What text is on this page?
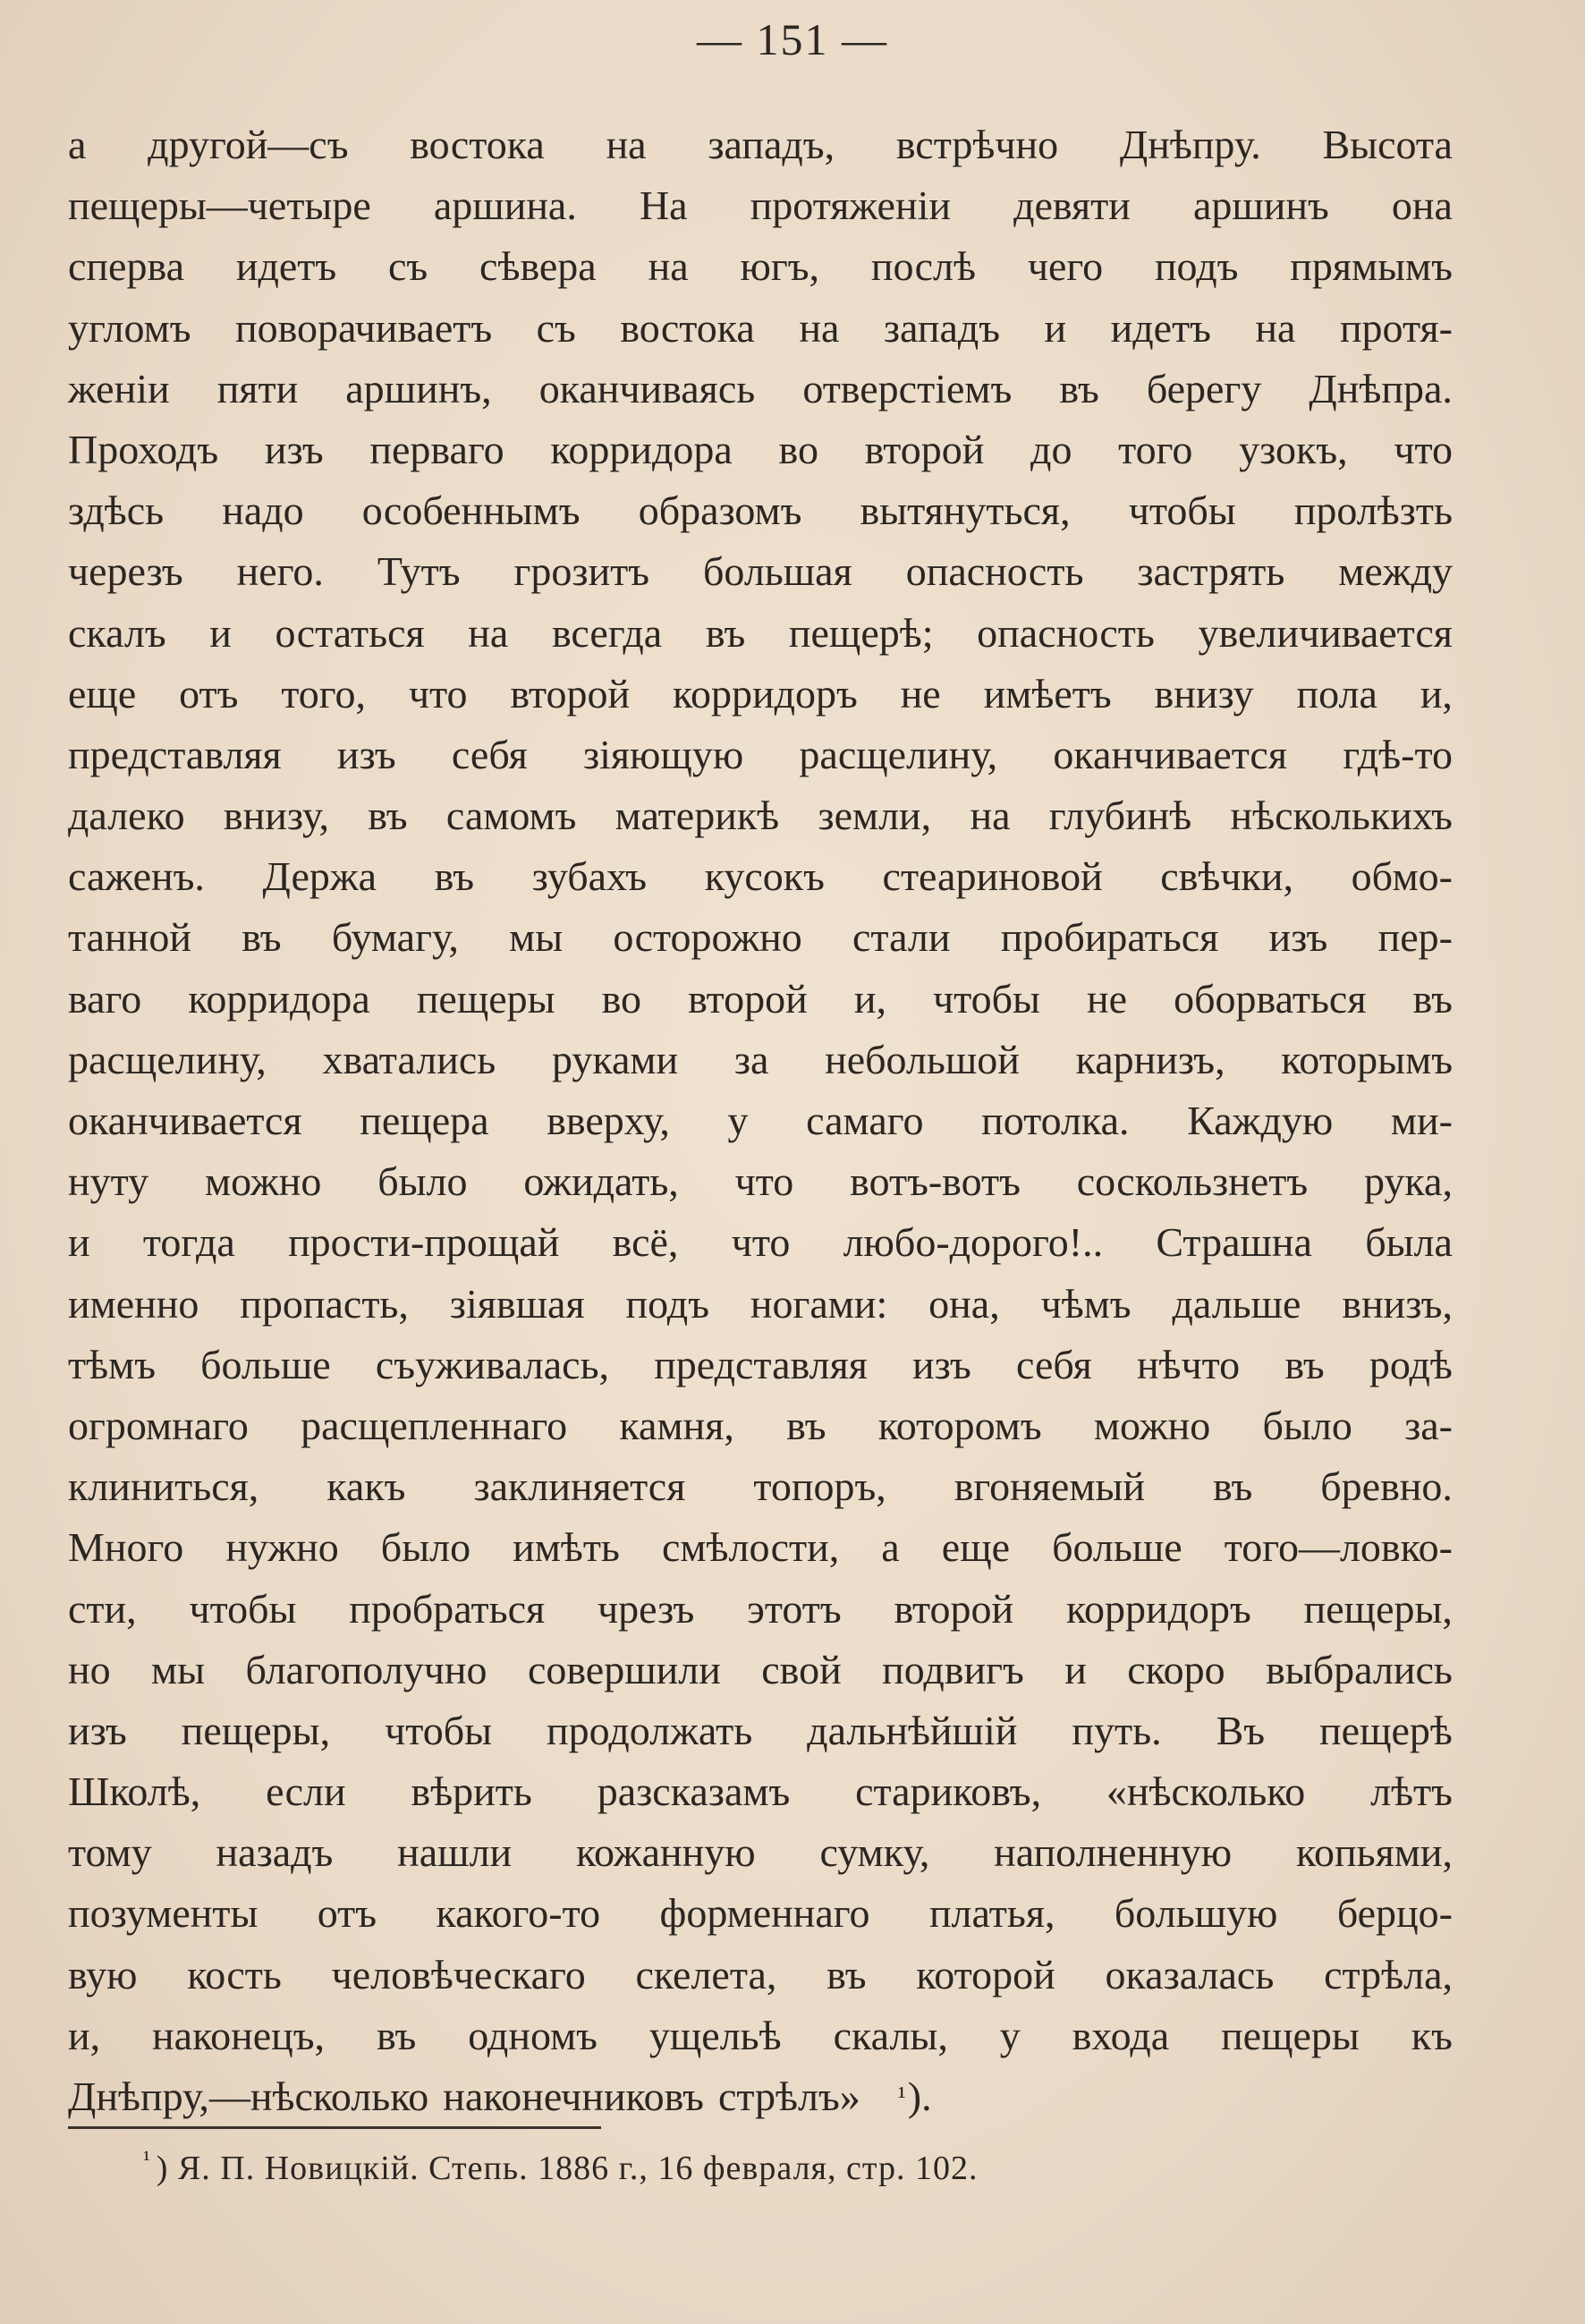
— 151 —
а другой—съ востока на западъ, встрѣчно Днѣпру. Высота
пещеры—четыре аршина. На протяженіи девяти аршинъ она
сперва идетъ съ сѣвера на югъ, послѣ чего подъ прямымъ
угломъ поворачиваетъ съ востока на западъ и идетъ на протя-
женіи пяти аршинъ, оканчиваясь отверстіемъ въ берегу Днѣпра.
Проходъ изъ перваго корридора во второй до того узокъ, что
здѣсь надо особеннымъ образомъ вытянуться, чтобы пролѣзть
черезъ него. Тутъ грозитъ большая опасность застрять между
скалъ и остаться на всегда въ пещерѣ; опасность увеличивается
еще отъ того, что второй корридоръ не имѣетъ внизу пола и,
представляя изъ себя зіяющую расщелину, оканчивается гдѣ-то
далеко внизу, въ самомъ материкѣ земли, на глубинѣ нѣсколькихъ
саженъ. Держа въ зубахъ кусокъ стеариновой свѣчки, обмо-
танной въ бумагу, мы осторожно стали пробираться изъ пер-
ваго корридора пещеры во второй и, чтобы не оборваться въ
расщелину, хватались руками за небольшой карнизъ, которымъ
оканчивается пещера вверху, у самаго потолка. Каждую ми-
нуту можно было ожидать, что вотъ-вотъ соскользнетъ рука,
и тогда прости-прощай всё, что любо-дорого!.. Страшна была
именно пропасть, зіявшая подъ ногами: она, чѣмъ дальше внизъ,
тѣмъ больше съуживалась, представляя изъ себя нѣчто въ родѣ
огромнаго расщепленнаго камня, въ которомъ можно было за-
клиниться, какъ заклиняется топоръ, вгоняемый въ бревно.
Много нужно было имѣть смѣлости, а еще больше того—ловко-
сти, чтобы пробраться чрезъ этотъ второй корридоръ пещеры,
но мы благополучно совершили свой подвигъ и скоро выбрались
изъ пещеры, чтобы продолжать дальнѣйшій путь. Въ пещерѣ
Школѣ, если вѣрить разсказамъ стариковъ, «нѣсколько лѣтъ
тому назадъ нашли кожанную сумку, наполненную копьями,
позументы отъ какого-то форменнаго платья, большую берцо-
вую кость человѣческаго скелета, въ которой оказалась стрѣла,
и, наконецъ, въ одномъ ущельѣ скалы, у входа пещеры къ
Днѣпру,—нѣсколько наконечниковъ стрѣлъ» ¹ ).
$^{^1}$ ) Я. П. Новицкій. Степь. 1886 г., 16 февраля, стр. 102.
